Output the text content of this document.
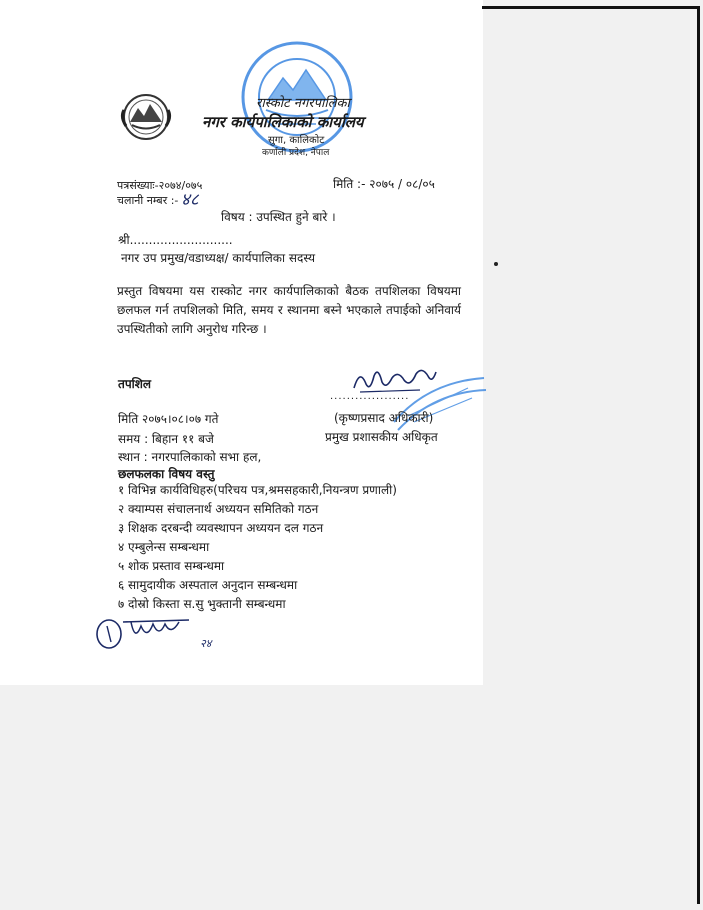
रास्कोट नगरपालिका
नगर कार्यपालिकाको कार्यालय
सुगा, कालिकोट
कर्णाली प्रदेश, नेपाल
पत्रसंख्याः-२०७४/०७५	मिति :- २०७५ / ०८/०५
चलानी नम्बर :- ४८
विषय : उपस्थित हुने बारे ।
श्री...........................
नगर उप प्रमुख/वडाध्यक्ष/ कार्यपालिका सदस्य
प्रस्तुत विषयमा यस रास्कोट नगर कार्यपालिकाको बैठक तपशिलका विषयमा छलफल गर्न तपशिलको मिति, समय र स्थानमा बस्ने भएकाले तपाईको अनिवार्य उपस्थितीको लागि अनुरोध गरिन्छ ।
तपशिल
...................
(कृष्णप्रसाद अधिकारी)
प्रमुख प्रशासकीय अधिकृत
मिति २०७५।०८।०७ गते
समय : बिहान ११ बजे
स्थान : नगरपालिकाको सभा हल,
छलफलका विषय वस्तु
१ विभिन्न कार्यविधिहरु(परिचय पत्र,श्रमसहकारी,नियन्त्रण प्रणाली)
२ क्याम्पस संचालनार्थ अध्ययन समितिको गठन
३ शिक्षक दरबन्दी व्यवस्थापन अध्ययन दल गठन
४ एम्बुलेन्स सम्बन्धमा
५ शोक प्रस्ताव सम्बन्धमा
६ सामुदायीक अस्पताल अनुदान सम्बन्धमा
७ दोस्रो किस्ता स.सु भुक्तानी सम्बन्धमा
२४
